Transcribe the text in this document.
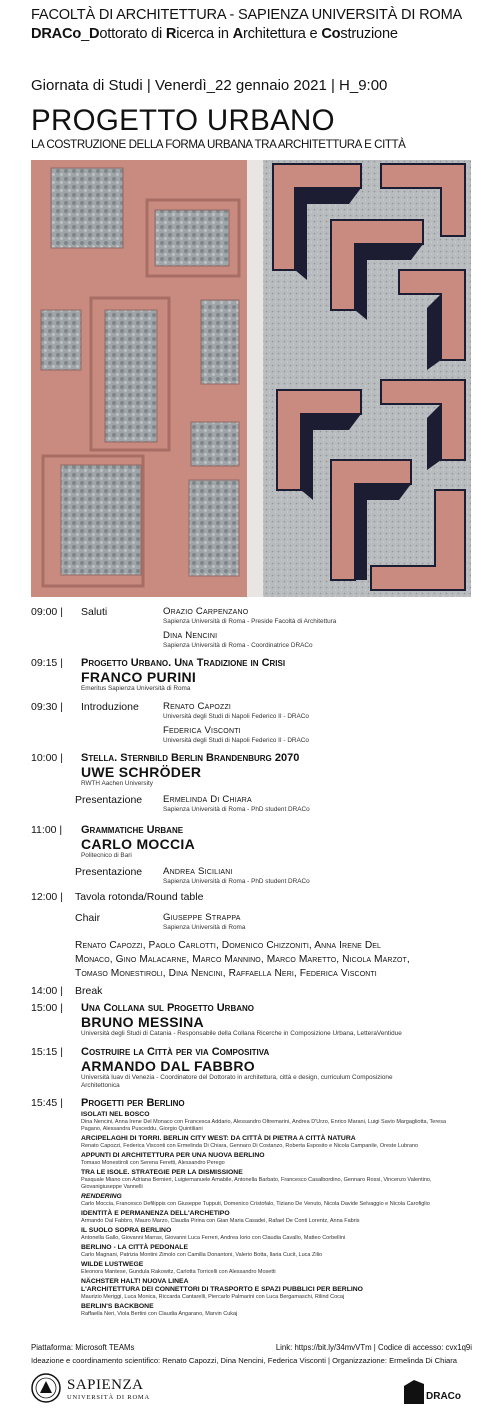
FACOLTÀ DI ARCHITETTURA - SAPIENZA UNIVERSITÀ DI ROMA
DRACo_Dottorato di Ricerca in Architettura e Costruzione
Giornata di Studi | Venerdì_22 gennaio 2021 | H_9:00
PROGETTO URBANO
LA COSTRUZIONE DELLA FORMA URBANA TRA ARCHITETTURA E CITTÀ
09:00 |	Saluti	Orazio Carpenzano
Sapienza Università di Roma - Preside Facoltà di Architettura
Dina Nencini
Sapienza Università di Roma - Coordinatrice DRACo
09:15 |	Progetto Urbano. Una Tradizione in Crisi
FRANCO PURINI
Emeritus Sapienza Università di Roma
09:30 |	Introduzione	Renato Capozzi
Università degli Studi di Napoli Federico II - DRACo
Federica Visconti
Università degli Studi di Napoli Federico II - DRACo
10:00 |	Stella. Sternbild Berlin Brandenburg 2070
UWE SCHRÖDER
RWTH Aachen University
Presentazione Ermelinda Di Chiara
Sapienza Università di Roma - PhD student DRACo
11:00 |	Grammatiche Urbane
CARLO MOCCIA
Politecnico di Bari
Presentazione Andrea Siciliani
Sapienza Università di Roma - PhD student DRACo
12:00 |	Tavola rotonda/Round table
Chair	Giuseppe Strappa
Sapienza Università di Roma
Renato Capozzi, Paolo Carlotti, Domenico Chizzoniti, Anna Irene Del
Monaco, Gino Malacarne, Marco Mannino, Marco Maretto, Nicola Marzot,
Tomaso Monestiroli, Dina Nencini, Raffaella Neri, Federica Visconti
14:00 |	Break
15:00 |	Una Collana sul Progetto Urbano
BRUNO MESSINA
Università degli Studi di Catania - Responsabile della Collana Ricerche in Composizione Urbana, LetteraVentidue
15:15 |	Costruire la Città per via Compositiva
ARMANDO DAL FABBRO
Università Iuav di Venezia - Coordinatore del Dottorato in architettura, città e design, curriculum Composizione
Architettonica
15:45 |	Progetti per Berlino
ISOLATI NEL BOSCO
Dina Nencini, Anna Irene Del Monaco con Francesca Addario, Alessandro Oltremarini, Andrea D'Urzo, Enrico Marani, Luigi Savio Margagliotta, Teresa
Pagano, Alessandra Pusceddu, Giorgio Quintiliani
ARCIPELAGHI DI TORRI. BERLIN CITY WEST: DA CITTÀ DI PIETRA A CITTÀ NATURA
Renato Capozzi, Federica Visconti con Ermelinda Di Chiara, Gennaro Di Costanzo, Roberta Esposito e Nicola Campanile, Oreste Lubrano
APPUNTI DI ARCHITETTURA PER UNA NUOVA BERLINO
Tomaso Monestiroli con Serena Feretti, Alessandro Perego
TRA LE ISOLE. STRATEGIE PER LA DISMISSIONE
Pasquale Miano con Adriana Bernieri, Luigiemanuele Amabile, Antonella Barbato, Francesco Casalbordino, Gennaro Rossi, Vincenzo Valentino,
Giovanigiuseppe Vannelli
RENDERING
Carlo Moccia, Francesco Defilippis con Giuseppe Tupputi, Domenico Cristofalo, Tiziano De Venuto, Nicola Davide Selvaggio e Nicola Carofiglio
IDENTITÀ E PERMANENZA DELL'ARCHETIPO
Armando Dal Fabbro, Mauro Marzo, Claudia Pirina con Gian Maria Casadei, Rafael De Conti Lorentz, Anna Fabris
IL SUOLO SOPRA BERLINO
Antonella Gallo, Giovanni Marras, Giovanni Luca Ferreri, Andrea Iorio con Claudia Cavallo, Matteo Corbellini
BERLINO - LA CITTÀ PEDONALE
Carlo Magnani, Patrizia Montini Zimolo con Camilla Donantoni, Valerio Botta, Ilaria Cucit, Luca Zilio
WILDE LUSTWEGE
Eleonora Mantese, Gundula Rakowitz, Carlotta Torricelli con Alessandro Mosetti
NÄCHSTER HALT! NUOVA LINEA
L'ARCHITETTURA DEI CONNETTORI DI TRASPORTO E SPAZI PUBBLICI PER BERLINO
Maurizio Meriggi, Luca Monica, Riccarda Cantarelli, Piercarlo Palmarini con Luca Bergamaschi, Rilind Cocaj
BERLIN'S BACKBONE
Raffaella Neri, Viola Bertini con Claudia Angarano, Marvin Cukaj
Piattaforma: Microsoft TEAMs	Link: https://bit.ly/34mvVTm | Codice di accesso: cvx1q9i
Ideazione e coordinamento scientifico: Renato Capozzi, Dina Nencini, Federica Visconti | Organizzazione: Ermelinda Di Chiara
SAPIENZA
UNIVERSITÀ DI ROMA	DRACo
